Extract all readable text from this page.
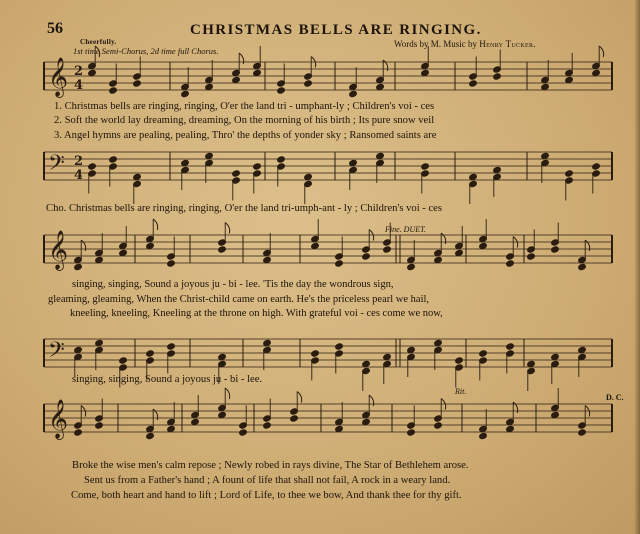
56	CHRISTMAS BELLS ARE RINGING.
Cheerfully.
1st time Semi-Chorus, 2d time full Chorus.
Words by M. Music by Henry Tucker.
𝄞 2
4
𝄢 2
4
𝄞
𝄢
𝄞
1. Christmas bells are ringing, ringing, O'er the land tri - umphant-ly ; Children's voi - ces
2. Soft the world lay dreaming, dreaming, On the morning of his birth ; Its pure snow veil
3. Angel hymns are pealing, pealing, Thro' the depths of yonder sky ; Ransomed saints are
Cho. Christmas bells are ringing, ringing, O'er the land tri-umph-ant - ly ; Children's voi - ces
Fine. DUET.
Rit.
D. C.
singing, singing, Sound a joyous ju - bi - lee. 'Tis the day the wondrous sign,
gleaming, gleaming, When the Christ-child came on earth. He's the priceless pearl we hail,
kneeling, kneeling, Kneeling at the throne on high. With grateful voi - ces come we now,
singing, singing, Sound a joyous ju - bi - lee.
Broke the wise men's calm repose ; Newly robed in rays divine, The Star of Bethlehem arose.
Sent us from a Father's hand ; A fount of life that shall not fail, A rock in a weary land.
Come, both heart and hand to lift ; Lord of Life, to thee we bow, And thank thee for thy gift.
